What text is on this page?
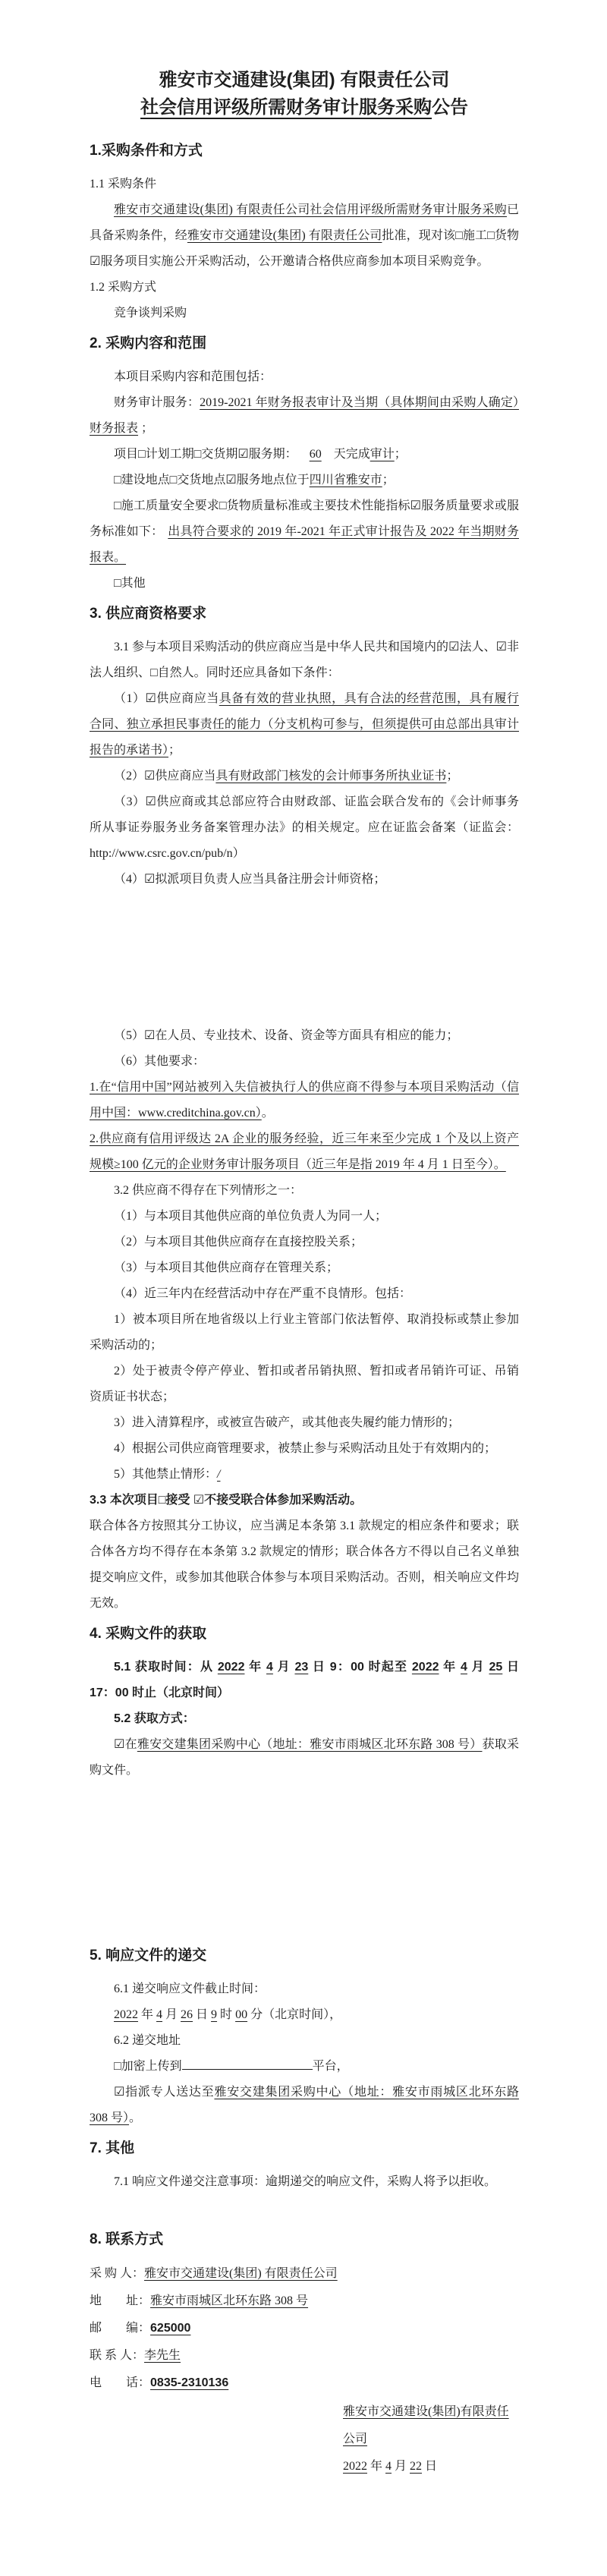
雅安市交通建设(集团) 有限责任公司

社会信用评级所需财务审计服务采购公告

1.采购条件和方式

1.1 采购条件

雅安市交通建设(集团) 有限责任公司社会信用评级所需财务审计服务采购已具备采购条件，经雅安市交通建设(集团) 有限责任公司批准，现对该□施工□货物☑服务项目实施公开采购活动，公开邀请合格供应商参加本项目采购竞争。

1.2 采购方式

竞争谈判采购

2. 采购内容和范围

本项目采购内容和范围包括：

财务审计服务：2019-2021 年财务报表审计及当期（具体期间由采购人确定）财务报表 ；

项目□计划工期□交货期☑服务期： 60 天完成审计；

□建设地点□交货地点☑服务地点位于四川省雅安市；

□施工质量安全要求□货物质量标准或主要技术性能指标☑服务质量要求或服务标准如下： 出具符合要求的 2019 年-2021 年正式审计报告及 2022 年当期财务报表。

□其他

3. 供应商资格要求

3.1 参与本项目采购活动的供应商应当是中华人民共和国境内的☑法人、☑非法人组织、□自然人。同时还应具备如下条件：

（1）☑供应商应当具备有效的营业执照，具有合法的经营范围，具有履行合同、独立承担民事责任的能力（分支机构可参与，但须提供可由总部出具审计报告的承诺书）；

（2）☑供应商应当具有财政部门核发的会计师事务所执业证书；

（3）☑供应商或其总部应符合由财政部、证监会联合发布的《会计师事务所从事证券服务业务备案管理办法》的相关规定。应在证监会备案（证监会：http://www.csrc.gov.cn/pub/n）

（4）☑拟派项目负责人应当具备注册会计师资格；

（5）☑在人员、专业技术、设备、资金等方面具有相应的能力；

（6）其他要求：

1.在“信用中国”网站被列入失信被执行人的供应商不得参与本项目采购活动（信用中国：www.creditchina.gov.cn）。

2.供应商有信用评级达 2A 企业的服务经验，近三年来至少完成 1 个及以上资产规模≥100 亿元的企业财务审计服务项目（近三年是指 2019 年 4 月 1 日至今）。

3.2 供应商不得存在下列情形之一：

（1）与本项目其他供应商的单位负责人为同一人；

（2）与本项目其他供应商存在直接控股关系；

（3）与本项目其他供应商存在管理关系；

（4）近三年内在经营活动中存在严重不良情形。包括：

1）被本项目所在地省级以上行业主管部门依法暂停、取消投标或禁止参加采购活动的；

2）处于被责令停产停业、暂扣或者吊销执照、暂扣或者吊销许可证、吊销资质证书状态；

3）进入清算程序，或被宣告破产，或其他丧失履约能力情形的；

4）根据公司供应商管理要求，被禁止参与采购活动且处于有效期内的；

5）其他禁止情形：/

3.3 本次项目□接受 ☑不接受联合体参加采购活动。

联合体各方按照其分工协议，应当满足本条第 3.1 款规定的相应条件和要求；联合体各方均不得存在本条第 3.2 款规定的情形；联合体各方不得以自己名义单独提交响应文件，或参加其他联合体参与本项目采购活动。否则，相关响应文件均无效。

4. 采购文件的获取

5.1 获取时间：从 2022 年 4 月 23 日 9：00 时起至 2022 年 4 月 25 日 17：00 时止（北京时间）

5.2 获取方式：

☑在雅安交建集团采购中心（地址：雅安市雨城区北环东路 308 号）获取采购文件。

5. 响应文件的递交

6.1 递交响应文件截止时间：

2022 年 4 月 26 日 9 时 00 分（北京时间），

6.2 递交地址

□加密上传到	平台，

☑指派专人送达至雅安交建集团采购中心（地址：雅安市雨城区北环东路 308 号）。

7. 其他

7.1 响应文件递交注意事项：逾期递交的响应文件，采购人将予以拒收。

8. 联系方式

采 购 人：雅安市交通建设(集团) 有限责任公司

地　　址：雅安市雨城区北环东路 308 号

邮　　编：625000

联 系 人：李先生

电　　话：0835-2310136

雅安市交通建设(集团)有限责任公司

2022 年 4 月 22 日
